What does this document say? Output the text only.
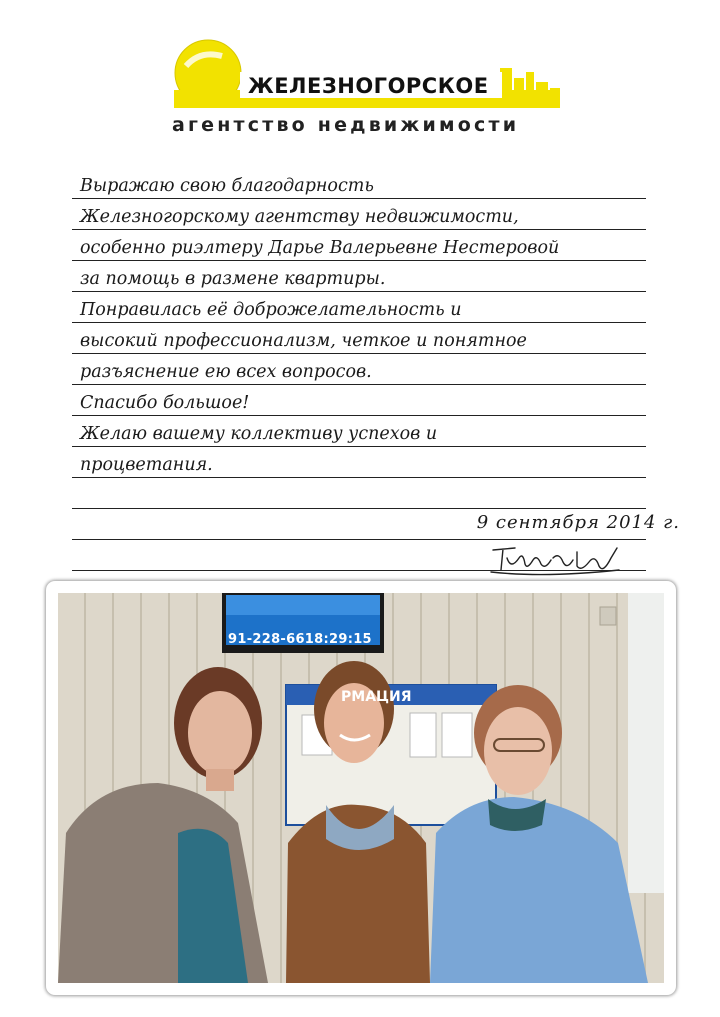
ЖЕЛЕЗНОГОРСКОЕ
агентство недвижимости
Выражаю свою благодарность
Железногорскому агентству недвижимости,
особенно риэлтеру Дарье Валерьевне Нестеровой
за помощь в размене квартиры.
Понравилась её доброжелательность и
высокий профессионализм, четкое и понятное
разъяснение ею всех вопросов.
Спасибо большое!
Желаю вашему коллективу успехов и
процветания.
9 сентября 2014 г.
91-228-6618:29:15
РМАЦИЯ
